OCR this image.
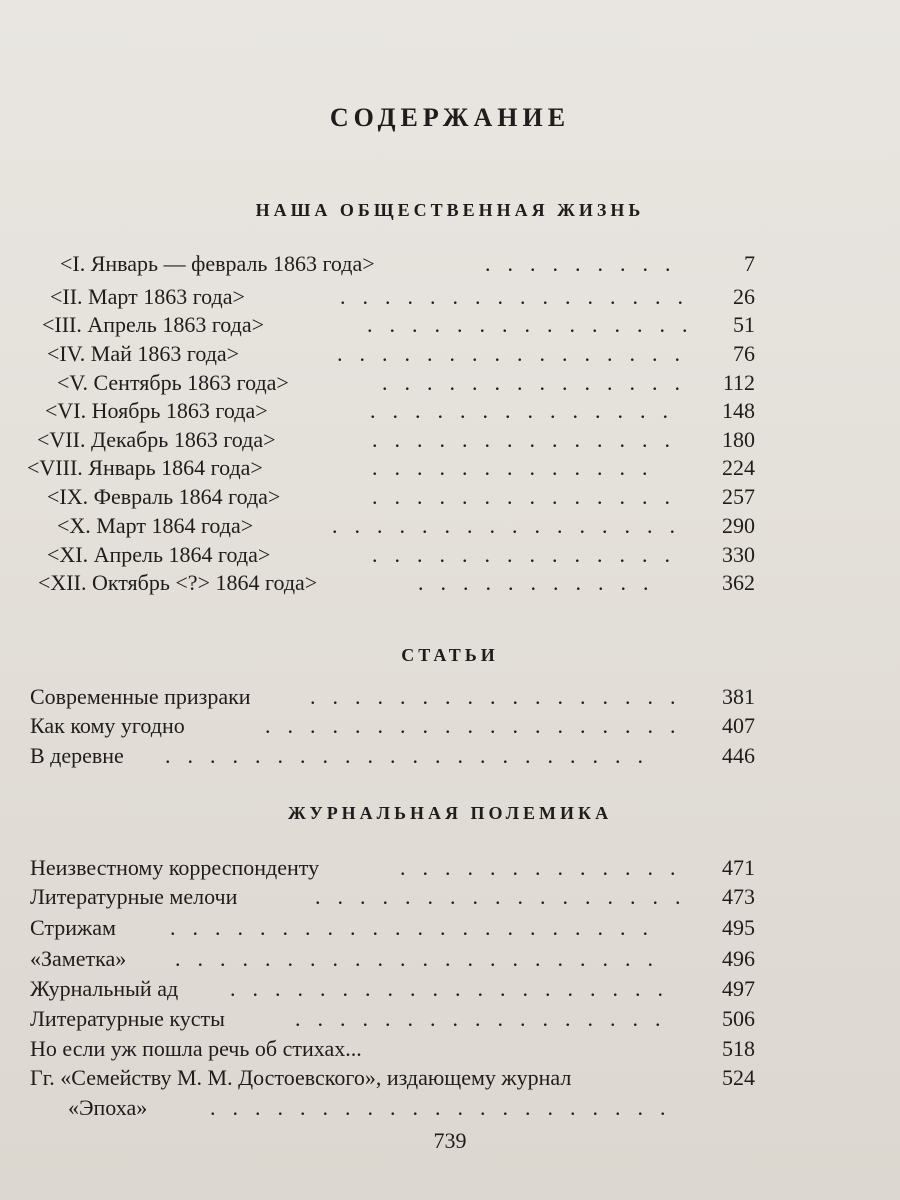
СОДЕРЖАНИЕ
НАША ОБЩЕСТВЕННАЯ ЖИЗНЬ
<I. Январь — февраль 1863 года>	.........	7
<II. Март 1863 года>	................	26
<III. Апрель 1863 года>	...............	51
<IV. Май 1863 года>	................	76
<V. Сентябрь 1863 года>	..............	112
<VI. Ноябрь 1863 года>	..............	148
<VII. Декабрь 1863 года>	..............	180
<VIII. Январь 1864 года>	.............	224
<IX. Февраль 1864 года>	..............	257
<X. Март 1864 года>	................	290
<XI. Апрель 1864 года>	..............	330
<XII. Октябрь <?> 1864 года>	...........	362
СТАТЬИ
Современные призраки	.................	381
Как кому угодно	...................	407
В деревне ......................	446
ЖУРНАЛЬНАЯ ПОЛЕМИКА
Неизвестному корреспонденту	.............	471
Литературные мелочи	.................	473
Стрижам ......................	495
«Заметка» ......................	496
Журнальный ад ....................	497
Литературные кусты	.................	506
Но если уж пошла речь об стихах...	518
Гг. «Семейству М. М. Достоевского», издающему журнал	524
«Эпоха»	.....................
739
